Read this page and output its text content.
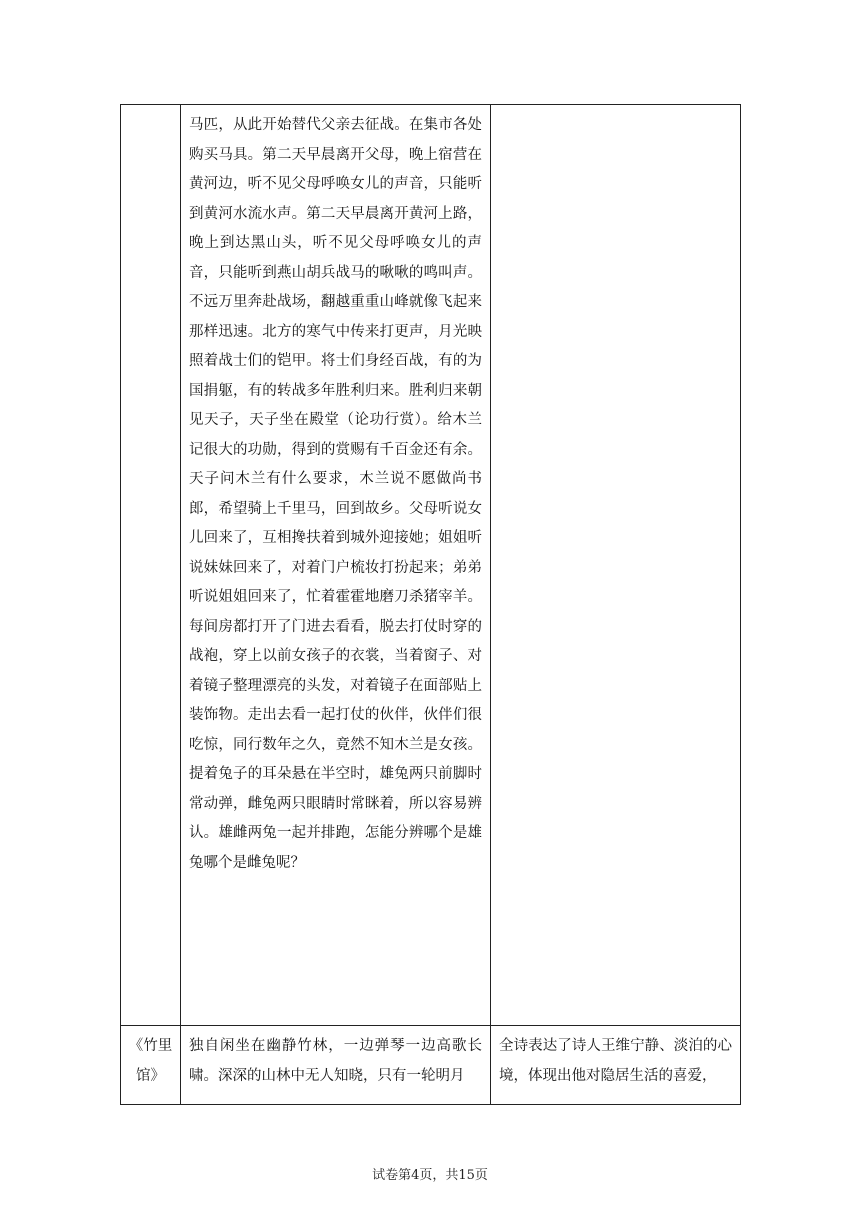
	马匹，从此开始替代父亲去征战。在集市各处购买马具。第二天早晨离开父母，晚上宿营在黄河边，听不见父母呼唤女儿的声音，只能听到黄河水流水声。第二天早晨离开黄河上路，晚上到达黑山头，听不见父母呼唤女儿的声音，只能听到燕山胡兵战马的啾啾的鸣叫声。不远万里奔赴战场，翻越重重山峰就像飞起来那样迅速。北方的寒气中传来打更声，月光映照着战士们的铠甲。将士们身经百战，有的为国捐躯，有的转战多年胜利归来。胜利归来朝见天子，天子坐在殿堂（论功行赏）。给木兰记很大的功勋，得到的赏赐有千百金还有余。天子问木兰有什么要求，木兰说不愿做尚书郎，希望骑上千里马，回到故乡。父母听说女儿回来了，互相搀扶着到城外迎接她；姐姐听说妹妹回来了，对着门户梳妆打扮起来；弟弟听说姐姐回来了，忙着霍霍地磨刀杀猪宰羊。每间房都打开了门进去看看，脱去打仗时穿的战袍，穿上以前女孩子的衣裳，当着窗子、对着镜子整理漂亮的头发，对着镜子在面部贴上装饰物。走出去看一起打仗的伙伴，伙伴们很吃惊，同行数年之久，竟然不知木兰是女孩。提着兔子的耳朵悬在半空时，雄兔两只前脚时常动弹，雌兔两只眼睛时常眯着，所以容易辨认。雄雌两兔一起并排跑，怎能分辨哪个是雄兔哪个是雌兔呢？	

《竹里馆》	独自闲坐在幽静竹林，一边弹琴一边高歌长啸。深深的山林中无人知晓，只有一轮明月	全诗表达了诗人王维宁静、淡泊的心境，体现出他对隐居生活的喜爱，
试卷第4页，共15页
